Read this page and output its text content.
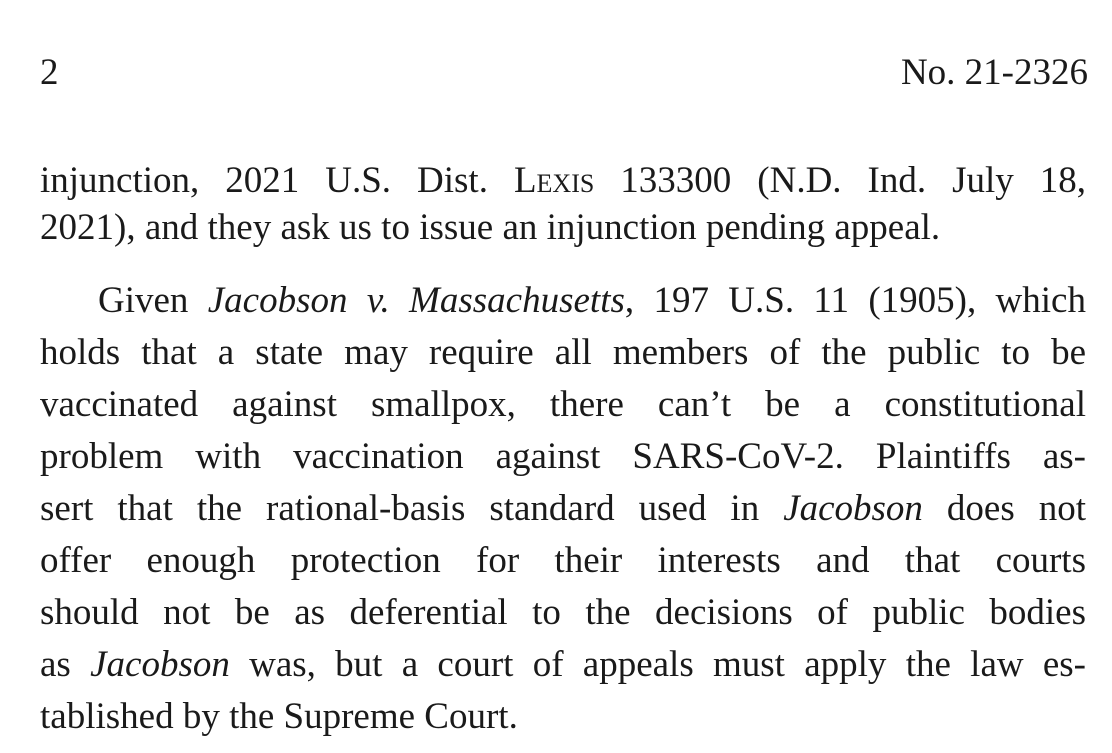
2	No. 21-2326
injunction, 2021 U.S. Dist. Lexis 133300 (N.D. Ind. July 18,
2021), and they ask us to issue an injunction pending appeal.
Given Jacobson v. Massachusetts, 197 U.S. 11 (1905), which
holds that a state may require all members of the public to be
vaccinated against smallpox, there can’t be a constitutional
problem with vaccination against SARS-CoV-2. Plaintiffs as-
sert that the rational-basis standard used in Jacobson does not
offer enough protection for their interests and that courts
should not be as deferential to the decisions of public bodies
as Jacobson was, but a court of appeals must apply the law es-
tablished by the Supreme Court.
